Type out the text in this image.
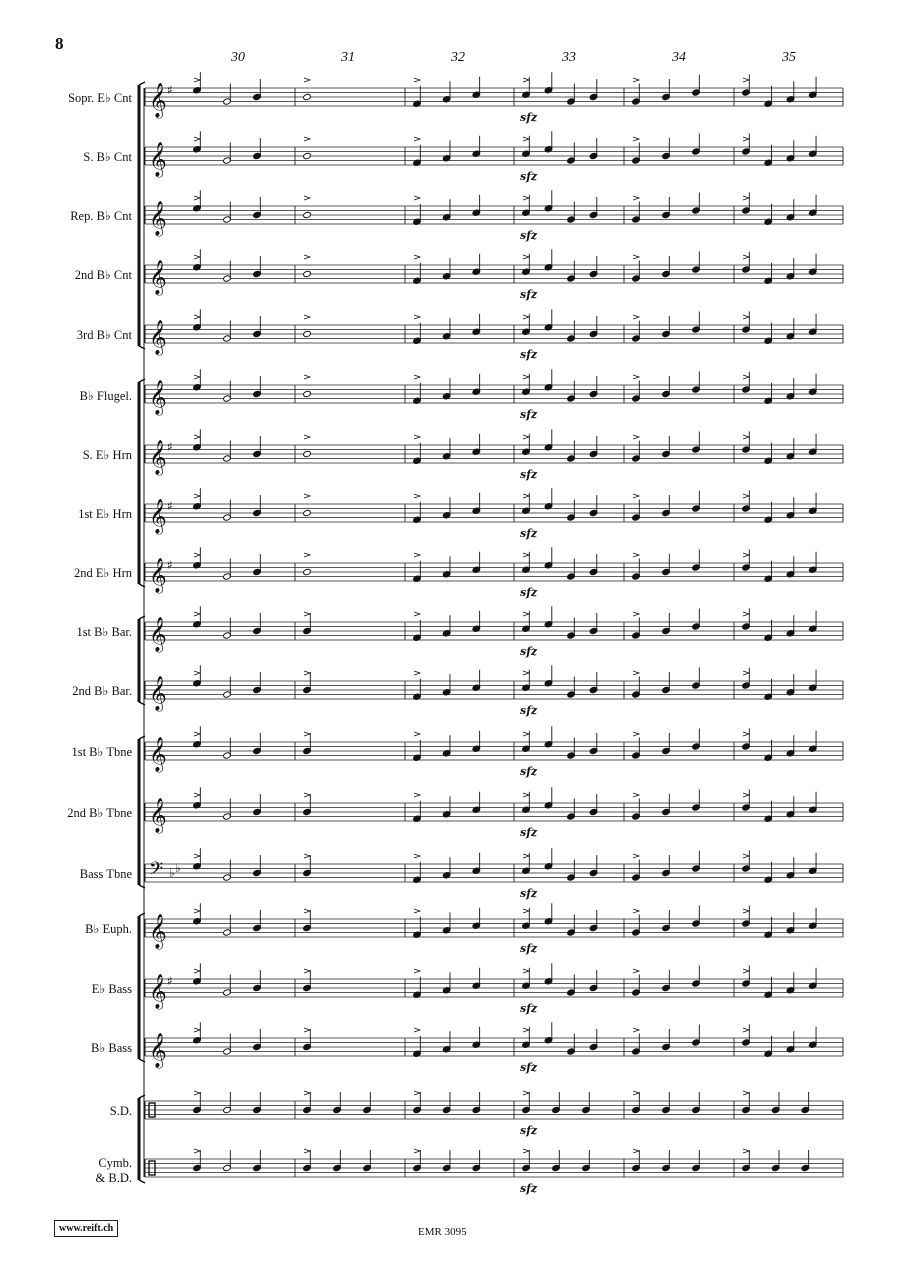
8
30	31	32	33	34	35
Sopr. E♭ Cnt
S. B♭ Cnt
Rep. B♭ Cnt
2nd B♭ Cnt
3rd B♭ Cnt
B♭ Flugel.
S. E♭ Hrn
1st E♭ Hrn
2nd E♭ Hrn
1st B♭ Bar.
2nd B♭ Bar.
1st B♭ Tbne
2nd B♭ Tbne
Bass Tbne
B♭ Euph.
E♭ Bass
B♭ Bass
S.D.
Cymb.
& B.D.
𝄞 ♯
sfz
𝄞	sfz
𝄞	sfz
𝄞	sfz
𝄞	sfz
𝄞	sfz
𝄞 ♯
sfz
𝄞 ♯
sfz
𝄞 ♯
sfz
𝄞	sfz
𝄞	sfz
𝄞	sfz
𝄞	sfz
𝄢 ♭ ♭
sfz
𝄞	sfz
𝄞 ♯
sfz
𝄞	sfz
sfz
sfz
www.reift.ch	EMR 3095
